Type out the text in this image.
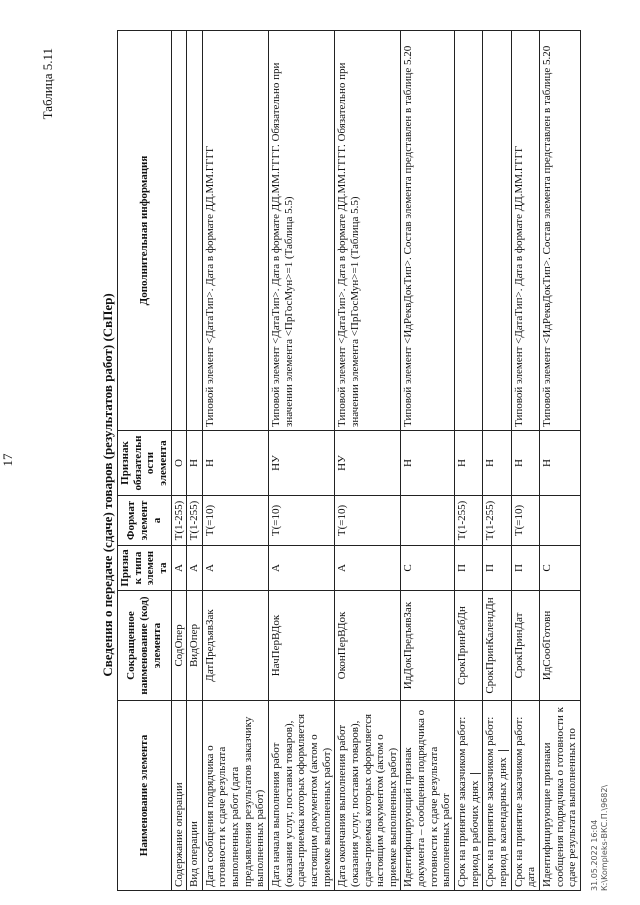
17
Таблица 5.11
Сведения о передаче (сдаче) товаров (результатов работ) (СвПер)
Наименование элемента	Сокращенное наименование (код) элемента	Признак типа элемента	Формат элемента	Признак обязательности элемента	Дополнительная информация
Содержание операции	СодОпер	А	Т(1-255)	О	
Вид операции	ВидОпер	А	Т(1-255)	Н	
Дата сообщения подрядчика о готовности к сдаче результата выполненных работ (дата предъявления результатов заказчику выполненных работ)	ДатПредъявЗак	А	Т(=10)	Н	Типовой элемент <ДатаТип>. Дата в формате ДД.ММ.ГГГГ
Дата начала выполнения работ (оказания услуг, поставки товаров), сдача-приемка которых оформляется настоящим документом (актом о приемке выполненных работ)	НачПерВДок	А	Т(=10)	НУ	Типовой элемент <ДатаТип>. Дата в формате ДД.ММ.ГГГГ. Обязательно при значении элемента <ПрГосМун>=1 (Таблица 5.5)
Дата окончания выполнения работ (оказания услуг, поставки товаров), сдача-приемка которых оформляется настоящим документом (актом о приемке выполненных работ)	ОконПерВДок	А	Т(=10)	НУ	Типовой элемент <ДатаТип>. Дата в формате ДД.ММ.ГГГГ. Обязательно при значении элемента <ПрГосМун>=1 (Таблица 5.5)
Идентифицирующий признак документа – сообщения подрядчика о готовности к сдаче результата выполненных работ	ИдДокПредъявЗак	С		Н	Типовой элемент <ИдРеквДокТип>. Состав элемента представлен в таблице 5.20
Срок на принятие заказчиком работ: период в рабочих днях	СрокПринРабДн	П	Т(1-255)	Н	
Срок на принятие заказчиком работ: период в календарных днях	СрокПринКалендДн	П	Т(1-255)	Н	
Срок на принятие заказчиком работ: дата	СрокПринДат	П	Т(=10)	Н	Типовой элемент <ДатаТип>. Дата в формате ДД.ММ.ГГГГ
Идентифицирующие признаки сообщения подрядчика о готовности к сдаче результата выполненных по	ИдСообГотовн	С		Н	Типовой элемент <ИдРеквДокТип>. Состав элемента представлен в таблице 5.20
31.05.2022 16:04 К:\Kompleks-ВКС.П.\9682\
